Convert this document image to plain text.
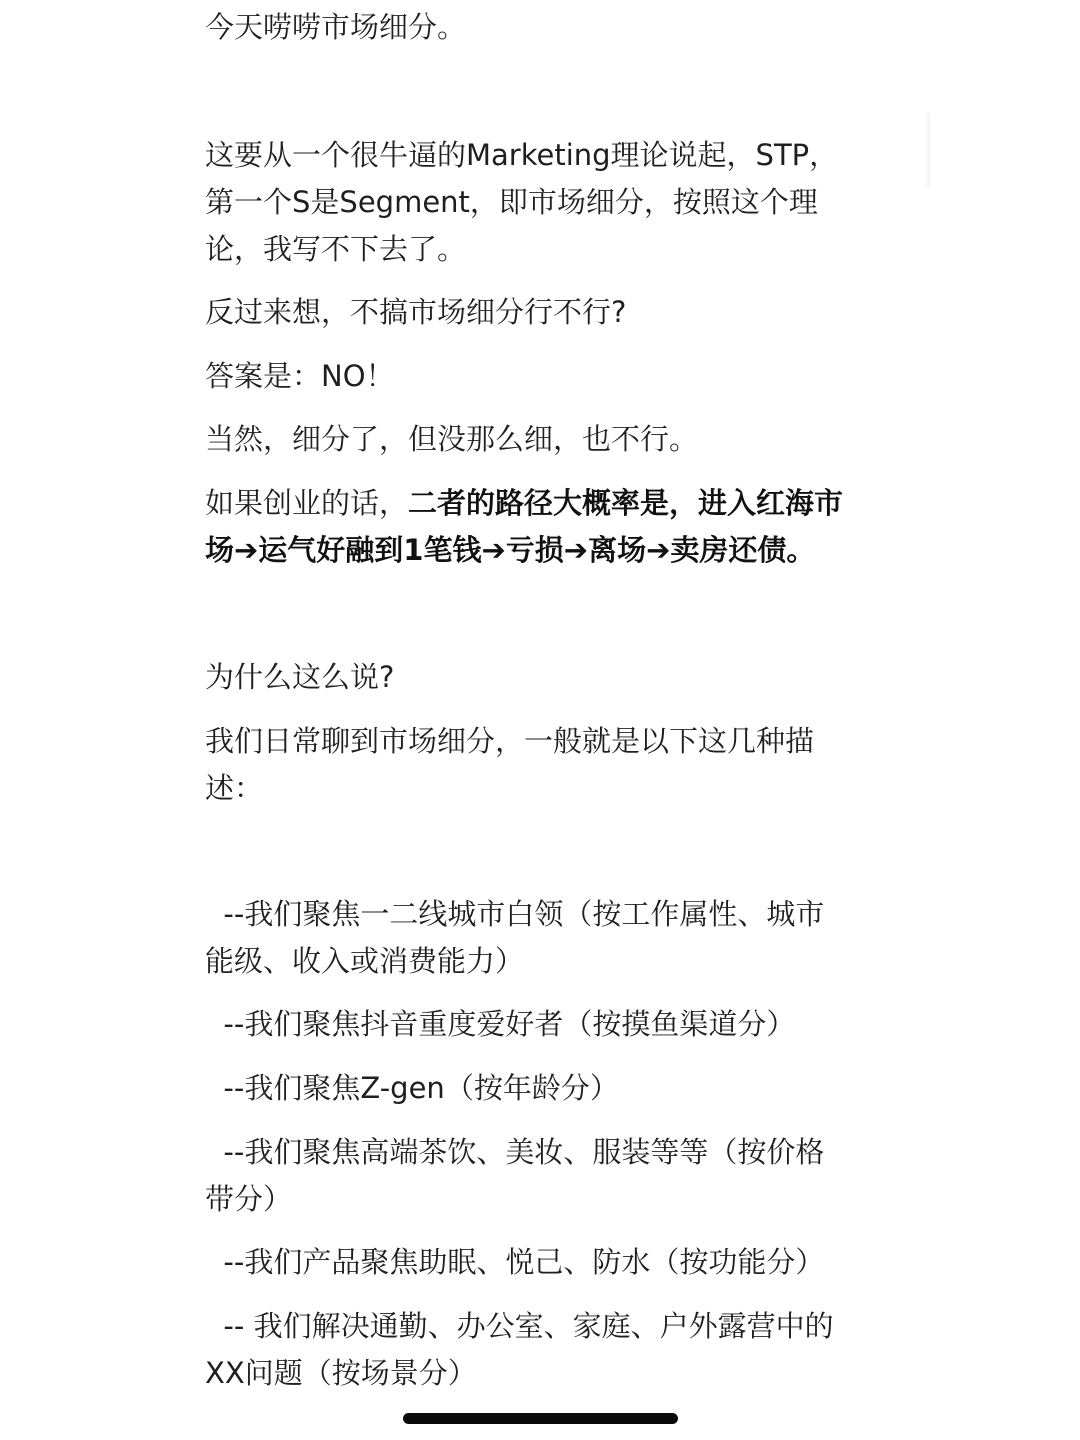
今天唠唠市场细分。
这要从一个很牛逼的Marketing理论说起，STP，
第一个S是Segment，即市场细分，按照这个理
论，我写不下去了。
反过来想，不搞市场细分行不行?
答案是：NO！
当然，细分了，但没那么细，也不行。
如果创业的话，二者的路径大概率是，进入红海市
场➔运气好融到1笔钱➔亏损➔离场➔卖房还债。
为什么这么说?
我们日常聊到市场细分，一般就是以下这几种描
述：
--我们聚焦一二线城市白领（按工作属性、城市
能级、收入或消费能力）
--我们聚焦抖音重度爱好者（按摸鱼渠道分）
--我们聚焦Z-gen（按年龄分）
--我们聚焦高端茶饮、美妆、服装等等（按价格
带分）
--我们产品聚焦助眠、悦己、防水（按功能分）
-- 我们解决通勤、办公室、家庭、户外露营中的
XX问题（按场景分）
